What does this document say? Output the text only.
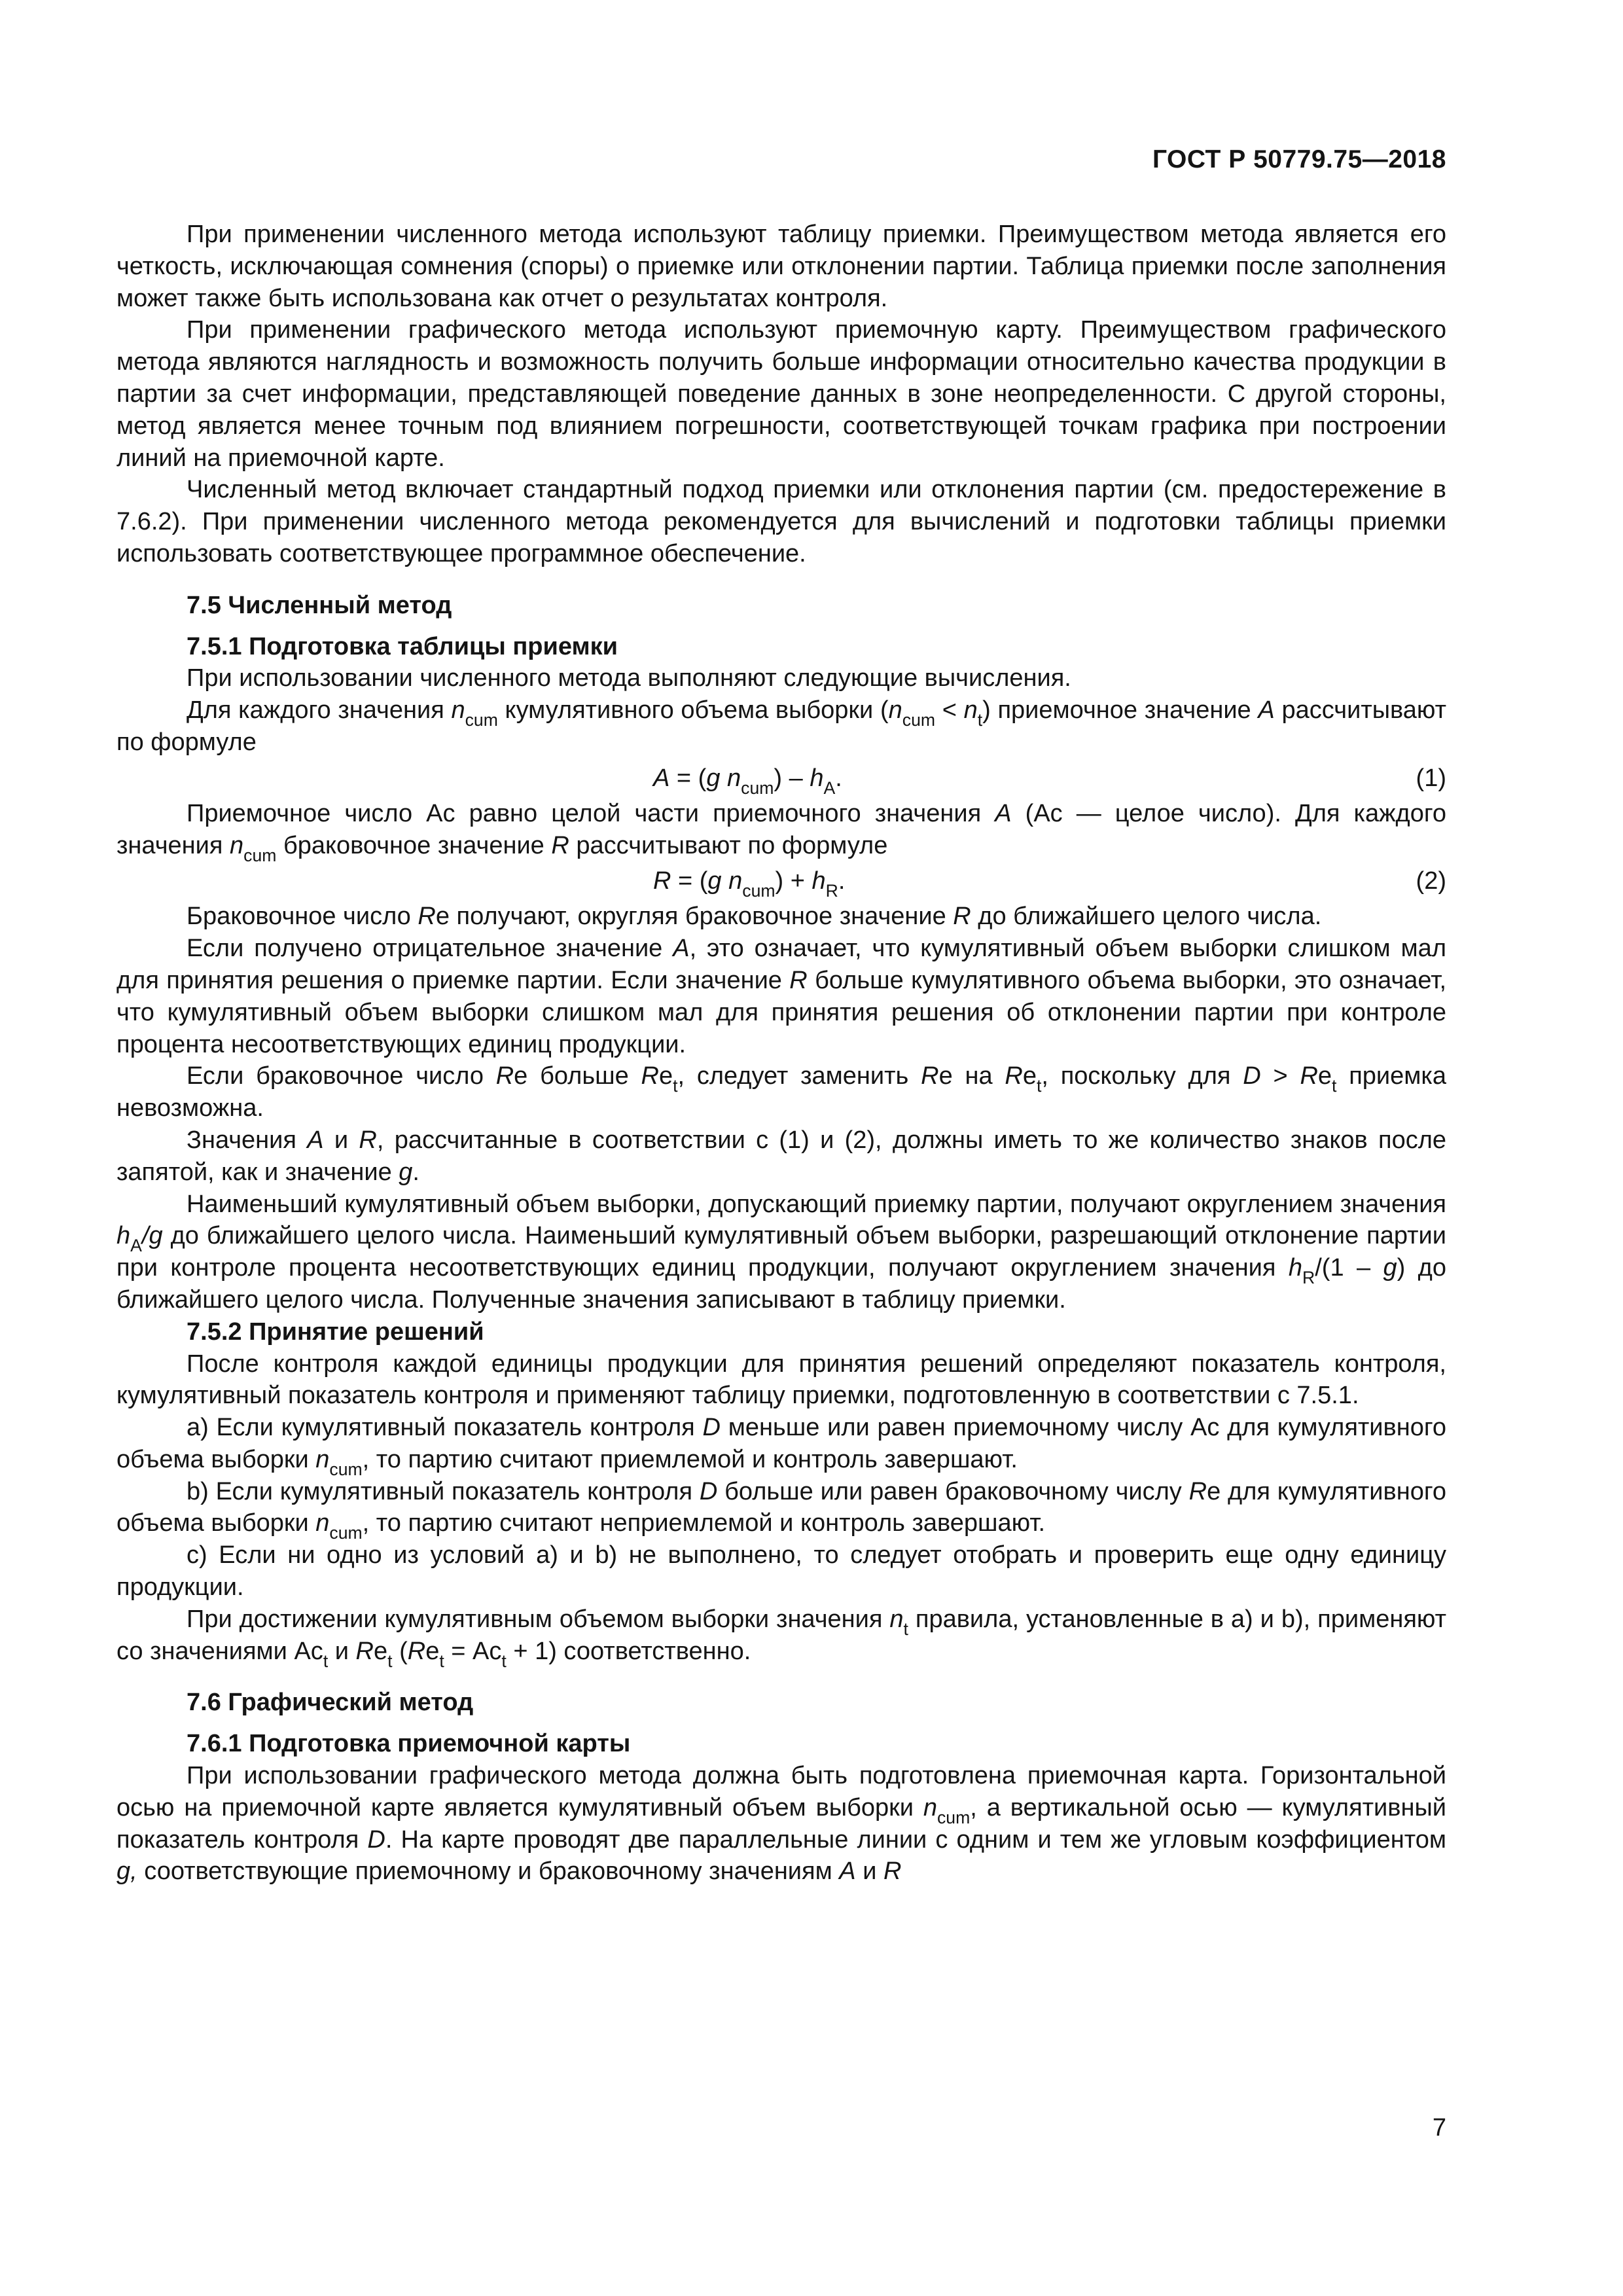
ГОСТ Р 50779.75—2018

При применении численного метода используют таблицу приемки. Преимуществом метода является его четкость, исключающая сомнения (споры) о приемке или отклонении партии. Таблица приемки после заполнения может также быть использована как отчет о результатах контроля.

При применении графического метода используют приемочную карту. Преимуществом графического метода являются наглядность и возможность получить больше информации относительно качества продукции в партии за счет информации, представляющей поведение данных в зоне неопределенности. С другой стороны, метод является менее точным под влиянием погрешности, соответствующей точкам графика при построении линий на приемочной карте.

Численный метод включает стандартный подход приемки или отклонения партии (см. предостережение в 7.6.2). При применении численного метода рекомендуется для вычислений и подготовки таблицы приемки использовать соответствующее программное обеспечение.

7.5 Численный метод
7.5.1 Подготовка таблицы приемки

При использовании численного метода выполняют следующие вычисления.

Для каждого значения $n_{cum}$ кумулятивного объема выборки $(n_{cum} < n_t)$ приемочное значение A рассчитывают по формуле

A = (g $n_{cum}) - h_A$.	(1)

Приемочное число Ас равно целой части приемочного значения A (Ас — целое число). Для каждого значения $n_{cum}$ браковочное значение R рассчитывают по формуле

R = (g $n_{cum}) + h_R$.	(2)

Браковочное число Rе получают, округляя браковочное значение R до ближайшего целого числа.

Если получено отрицательное значение A, это означает, что кумулятивный объем выборки слишком мал для принятия решения о приемке партии. Если значение R больше кумулятивного объема выборки, это означает, что кумулятивный объем выборки слишком мал для принятия решения об отклонении партии при контроле процента несоответствующих единиц продукции.

Если браковочное число Rе больше $Rе_t$, следует заменить Rе на $Rе_t$, поскольку для $D > Rе_t$ приемка невозможна.

Значения A и R, рассчитанные в соответствии с (1) и (2), должны иметь то же количество знаков после запятой, как и значение g.

Наименьший кумулятивный объем выборки, допускающий приемку партии, получают округлением значения $h_A/g$ до ближайшего целого числа. Наименьший кумулятивный объем выборки, разрешающий отклонение партии при контроле процента несоответствующих единиц продукции, получают округлением значения $h_R/(1 - g)$ до ближайшего целого числа. Полученные значения записывают в таблицу приемки.

7.5.2 Принятие решений

После контроля каждой единицы продукции для принятия решений определяют показатель контроля, кумулятивный показатель контроля и применяют таблицу приемки, подготовленную в соответствии с 7.5.1.

a) Если кумулятивный показатель контроля D меньше или равен приемочному числу Ас для кумулятивного объема выборки $n_{cum}$, то партию считают приемлемой и контроль завершают.

b) Если кумулятивный показатель контроля D больше или равен браковочному числу Rе для кумулятивного объема выборки $n_{cum}$, то партию считают неприемлемой и контроль завершают.

c) Если ни одно из условий a) и b) не выполнено, то следует отобрать и проверить еще одну единицу продукции.

При достижении кумулятивным объемом выборки значения $n_t$ правила, установленные в a) и b), применяют со значениями $Ас_t$ и $Rе_t$ $(Rе_t = Ас_t + 1)$ соответственно.

7.6 Графический метод
7.6.1 Подготовка приемочной карты

При использовании графического метода должна быть подготовлена приемочная карта. Горизонтальной осью на приемочной карте является кумулятивный объем выборки $n_{cum}$, а вертикальной осью — кумулятивный показатель контроля D. На карте проводят две параллельные линии с одним и тем же угловым коэффициентом g, соответствующие приемочному и браковочному значениям A и R

7
